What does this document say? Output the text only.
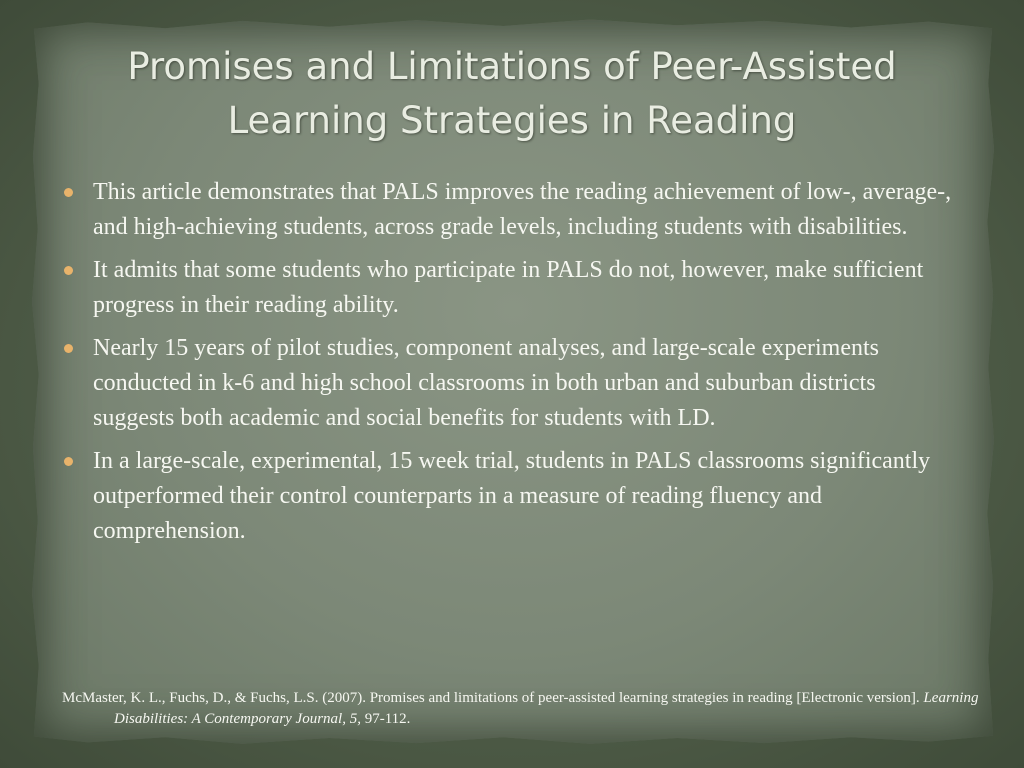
Promises and Limitations of Peer-Assisted Learning Strategies in Reading
This article demonstrates that PALS improves the reading achievement of low-, average-, and high-achieving students, across grade levels, including students with disabilities.
It admits that some students who participate in PALS do not, however, make sufficient progress in their reading ability.
Nearly 15 years of pilot studies, component analyses, and large-scale experiments conducted in k-6 and high school classrooms in both urban and suburban districts suggests both academic and social benefits for students with LD.
In a large-scale, experimental, 15 week trial, students in PALS classrooms significantly outperformed their control counterparts in a measure of reading fluency and comprehension.
McMaster, K. L., Fuchs, D., & Fuchs, L.S. (2007). Promises and limitations of peer-assisted learning strategies in reading [Electronic version]. Learning Disabilities: A Contemporary Journal, 5, 97-112.
